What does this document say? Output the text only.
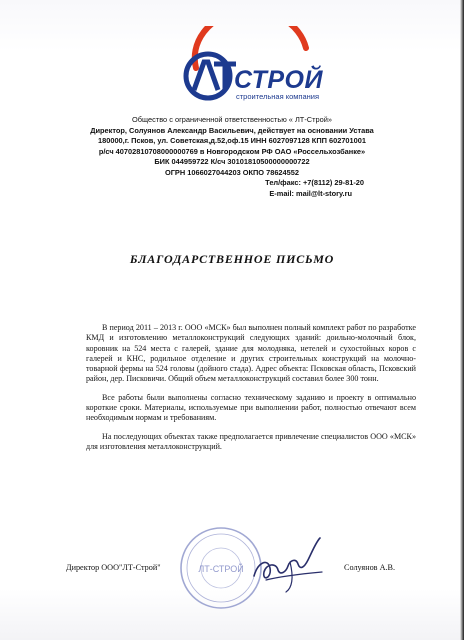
СТРОЙ
строительная компания
Общество с ограниченной ответственностью « ЛТ-Строй»
Директор, Солуянов Александр Васильевич, действует на основании Устава
180000,г. Псков, ул. Советская,д.52,оф.15 ИНН 6027097128 КПП 602701001
р/сч 40702810708000000769 в Новгородском РФ ОАО «Россельхозбанке»
БИК 044959722 К/сч 30101810500000000722
ОГРН 1066027044203 ОКПО 78624552
Тел/факс: +7(8112) 29-81-20
E-mail: mail@lt-story.ru
БЛАГОДАРСТВЕННОЕ ПИСЬМО

В период 2011 – 2013 г. ООО «МСК» был выполнен полный комплект работ по разработке КМД и изготовлению металлоконструкций следующих зданий: доильно-молочный блок, коровник на 524 места с галерей, здание для молодняка, нетелей и сухостойных коров с галерей и КНС, родильное отделение и других строительных конструкций на молочно-товарной фермы на 524 головы (дойного стада). Адрес объекта: Псковская область, Псковский район, дер. Писковичи. Общий объем металлоконструкций составил более 300 тонн.

Все работы были выполнены согласно техническому заданию и проекту в оптимально короткие сроки. Материалы, используемые при выполнении работ, полностью отвечают всем необходимым нормам и требованиям.

На последующих объектах также предполагается привлечение специалистов ООО «МСК» для изготовления металлоконструкций.

Директор ООО"ЛТ-Строй"	ЛТ-СТРОЙ	Солуянов А.В.
